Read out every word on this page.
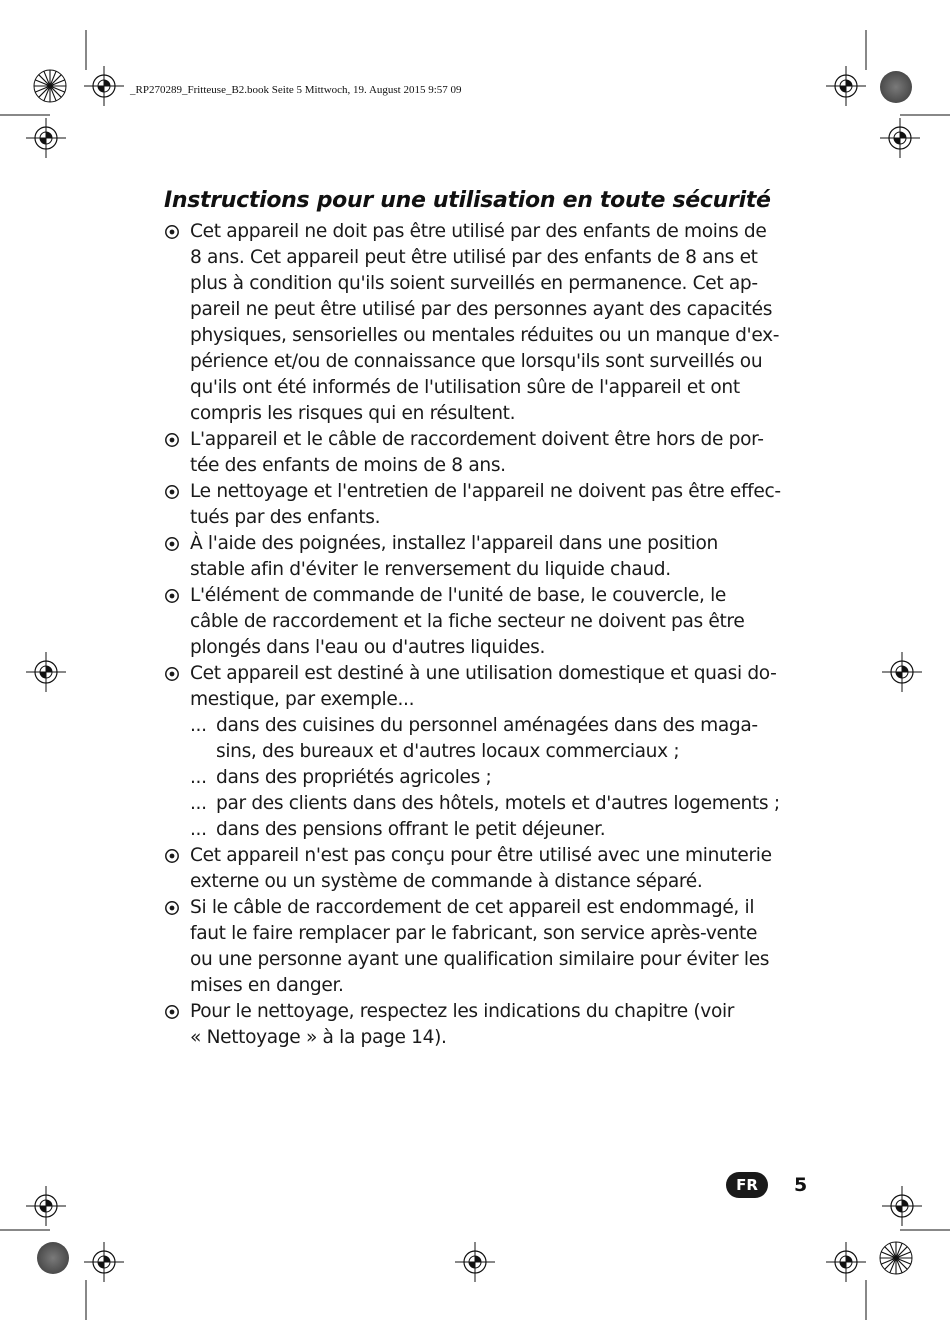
_RP270289_Fritteuse_B2.book Seite 5 Mittwoch, 19. August 2015 9:57 09
Instructions pour une utilisation en toute sécurité
Cet appareil ne doit pas être utilisé par des enfants de moins de
8 ans. Cet appareil peut être utilisé par des enfants de 8 ans et
plus à condition qu'ils soient surveillés en permanence. Cet ap-
pareil ne peut être utilisé par des personnes ayant des capacités
physiques, sensorielles ou mentales réduites ou un manque d'ex-
périence et/ou de connaissance que lorsqu'ils sont surveillés ou
qu'ils ont été informés de l'utilisation sûre de l'appareil et ont
compris les risques qui en résultent.
L'appareil et le câble de raccordement doivent être hors de por-
tée des enfants de moins de 8 ans.
Le nettoyage et l'entretien de l'appareil ne doivent pas être effec-
tués par des enfants.
À l'aide des poignées, installez l'appareil dans une position
stable afin d'éviter le renversement du liquide chaud.
L'élément de commande de l'unité de base, le couvercle, le
câble de raccordement et la fiche secteur ne doivent pas être
plongés dans l'eau ou d'autres liquides.
Cet appareil est destiné à une utilisation domestique et quasi do-
mestique, par exemple...
... dans des cuisines du personnel aménagées dans des maga-
sins, des bureaux et d'autres locaux commerciaux ;
... dans des propriétés agricoles ;
... par des clients dans des hôtels, motels et d'autres logements ;
... dans des pensions offrant le petit déjeuner.
Cet appareil n'est pas conçu pour être utilisé avec une minuterie
externe ou un système de commande à distance séparé.
Si le câble de raccordement de cet appareil est endommagé, il
faut le faire remplacer par le fabricant, son service après-vente
ou une personne ayant une qualification similaire pour éviter les
mises en danger.
Pour le nettoyage, respectez les indications du chapitre (voir
« Nettoyage » à la page 14).
FR	5
